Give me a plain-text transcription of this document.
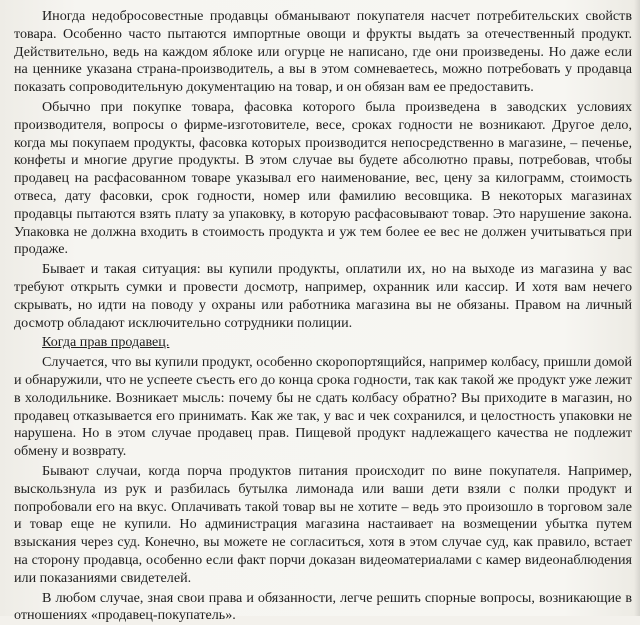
Иногда недобросовестные продавцы обманывают покупателя насчет потребительских свойств товара. Особенно часто пытаются импортные овощи и фрукты выдать за отечественный продукт. Действительно, ведь на каждом яблоке или огурце не написано, где они произведены. Но даже если на ценнике указана страна-производитель, а вы в этом сомневаетесь, можно потребовать у продавца показать сопроводительную документацию на товар, и он обязан вам ее предоставить.

Обычно при покупке товара, фасовка которого была произведена в заводских условиях производителя, вопросы о фирме-изготовителе, весе, сроках годности не возникают. Другое дело, когда мы покупаем продукты, фасовка которых производится непосредственно в магазине, – печенье, конфеты и многие другие продукты. В этом случае вы будете абсолютно правы, потребовав, чтобы продавец на расфасованном товаре указывал его наименование, вес, цену за килограмм, стоимость отвеса, дату фасовки, срок годности, номер или фамилию весовщика. В некоторых магазинах продавцы пытаются взять плату за упаковку, в которую расфасовывают товар. Это нарушение закона. Упаковка не должна входить в стоимость продукта и уж тем более ее вес не должен учитываться при продаже.

Бывает и такая ситуация: вы купили продукты, оплатили их, но на выходе из магазина у вас требуют открыть сумки и провести досмотр, например, охранник или кассир. И хотя вам нечего скрывать, но идти на поводу у охраны или работника магазина вы не обязаны. Правом на личный досмотр обладают исключительно сотрудники полиции.

Когда прав продавец.

Случается, что вы купили продукт, особенно скоропортящийся, например колбасу, пришли домой и обнаружили, что не успеете съесть его до конца срока годности, так как такой же продукт уже лежит в холодильнике. Возникает мысль: почему бы не сдать колбасу обратно? Вы приходите в магазин, но продавец отказывается его принимать. Как же так, у вас и чек сохранился, и целостность упаковки не нарушена. Но в этом случае продавец прав. Пищевой продукт надлежащего качества не подлежит обмену и возврату.

Бывают случаи, когда порча продуктов питания происходит по вине покупателя. Например, выскользнула из рук и разбилась бутылка лимонада или ваши дети взяли с полки продукт и попробовали его на вкус. Оплачивать такой товар вы не хотите – ведь это произошло в торговом зале и товар еще не купили. Но администрация магазина настаивает на возмещении убытка путем взыскания через суд. Конечно, вы можете не согласиться, хотя в этом случае суд, как правило, встает на сторону продавца, особенно если факт порчи доказан видеоматериалами с камер видеонаблюдения или показаниями свидетелей.

В любом случае, зная свои права и обязанности, легче решить спорные вопросы, возникающие в отношениях «продавец-покупатель».
